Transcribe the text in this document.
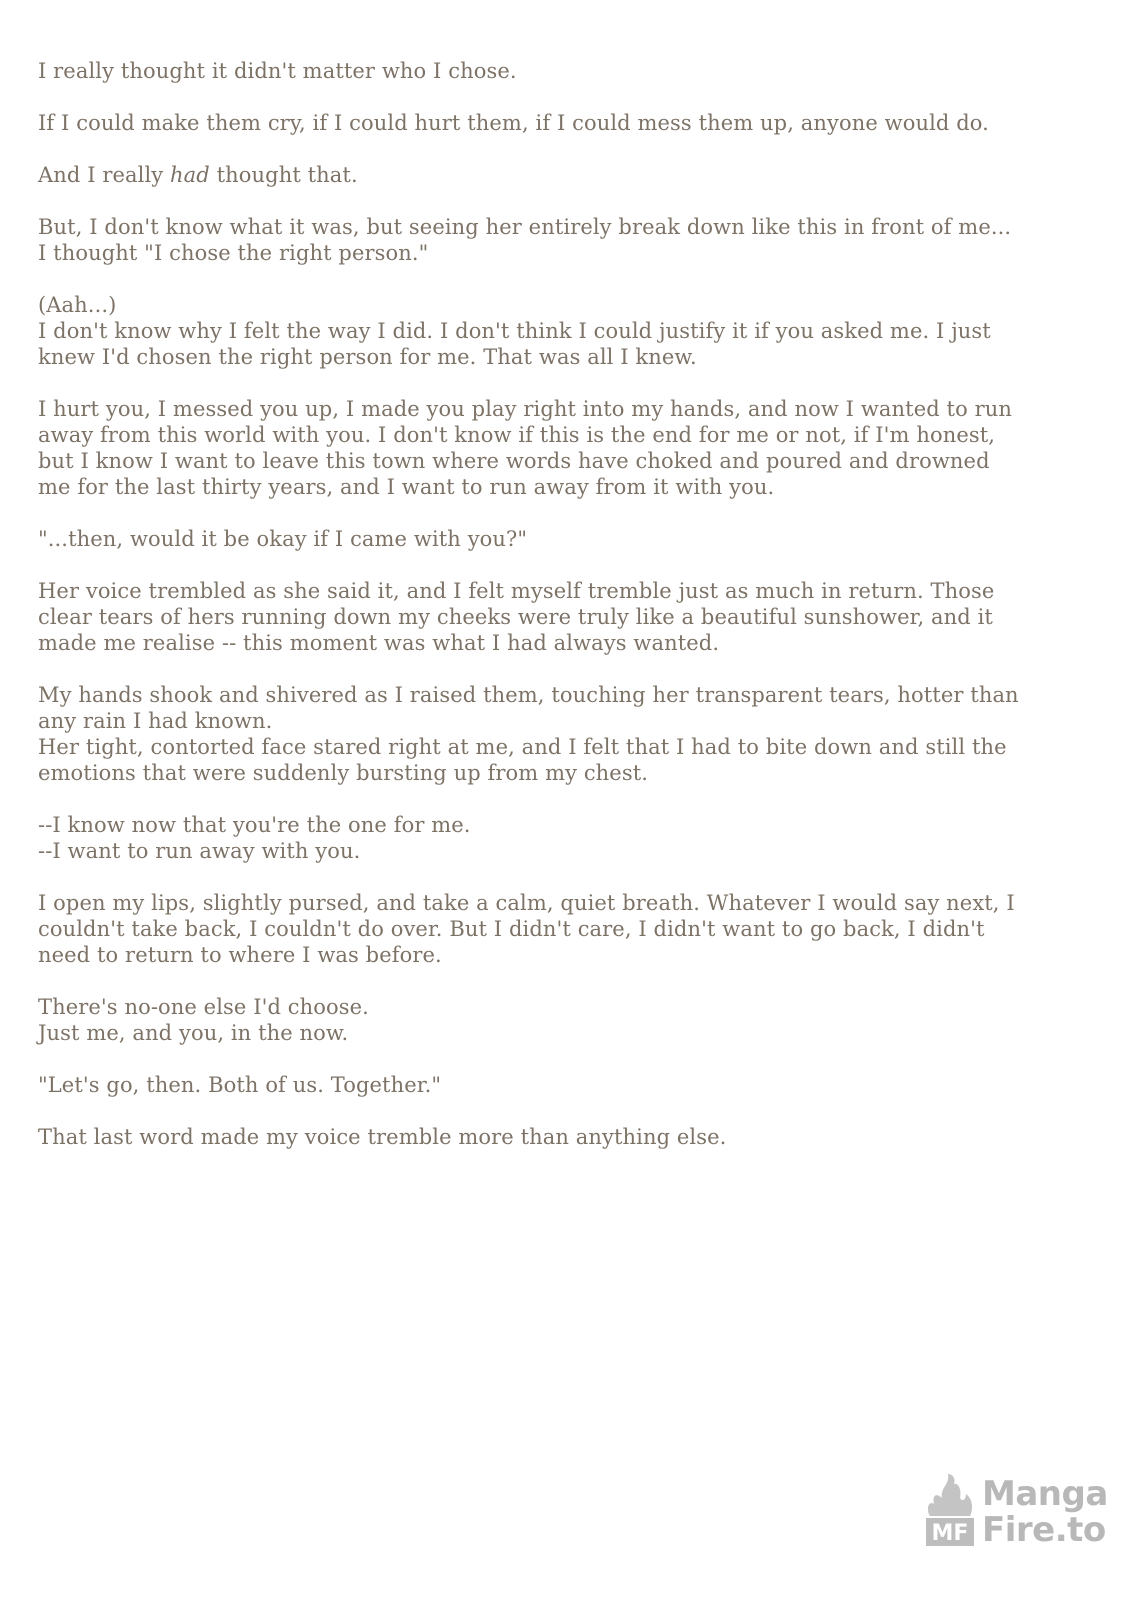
I really thought it didn't matter who I chose.

If I could make them cry, if I could hurt them, if I could mess them up, anyone would do.

And I really had thought that.

But, I don't know what it was, but seeing her entirely break down like this in front of me...
I thought "I chose the right person."

(Aah...)
I don't know why I felt the way I did. I don't think I could justify it if you asked me. I just
knew I'd chosen the right person for me. That was all I knew.

I hurt you, I messed you up, I made you play right into my hands, and now I wanted to run
away from this world with you. I don't know if this is the end for me or not, if I'm honest,
but I know I want to leave this town where words have choked and poured and drowned
me for the last thirty years, and I want to run away from it with you.

"...then, would it be okay if I came with you?"

Her voice trembled as she said it, and I felt myself tremble just as much in return. Those
clear tears of hers running down my cheeks were truly like a beautiful sunshower, and it
made me realise -- this moment was what I had always wanted.

My hands shook and shivered as I raised them, touching her transparent tears, hotter than
any rain I had known.
Her tight, contorted face stared right at me, and I felt that I had to bite down and still the
emotions that were suddenly bursting up from my chest.

--I know now that you're the one for me.
--I want to run away with you.

I open my lips, slightly pursed, and take a calm, quiet breath. Whatever I would say next, I
couldn't take back, I couldn't do over. But I didn't care, I didn't want to go back, I didn't
need to return to where I was before.

There's no-one else I'd choose.
Just me, and you, in the now.

"Let's go, then. Both of us. Together."

That last word made my voice tremble more than anything else.

MF
Manga
Fire.to
